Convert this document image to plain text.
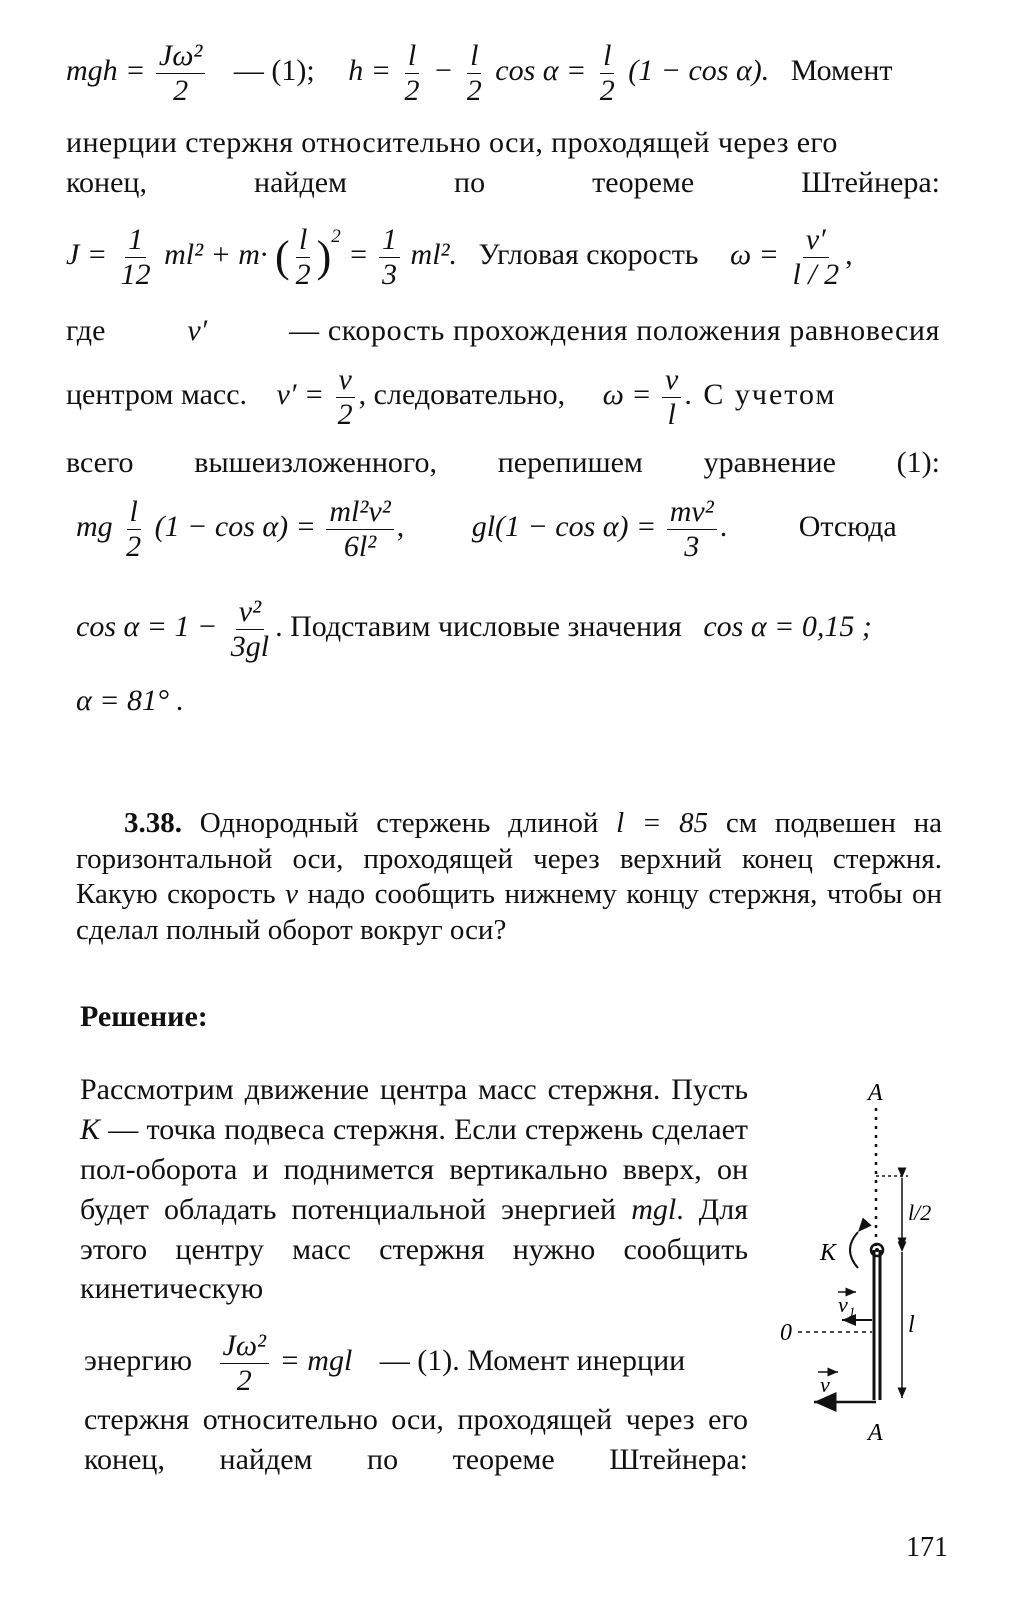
mgh = $\frac{\text{Jω²}}{2}$ — (1); $h = \frac{l}{2} - \frac{l}{2}$ $\cos \alpha = \frac{l}{2} (1 - \cos \alpha)$. Момент
инерции стержня относительно оси, проходящей через его
конец,	найдем	по	теореме	Штейнера:
$J = \frac{1}{12} ml^2 + m\cdot$ ( $\frac{l}{2} )^2 = \frac{1}{3} ml^2$. Угловая скорость $\omega = \frac{v'}{l / 2}$ ,
где	v′	— скорость прохождения положения равновесия
центром масс. $v' = \frac{v}{2}$ , следовательно, $\omega = \frac{v}{l}$ . С учетом
всего вышеизложенного, перепишем уравнение (1):
mg $\frac{l}{2} (1 - \cos \alpha) = \frac{\text{ml²v²}}{\text{6l²}}$ , $gl(1 - \cos \alpha) = \frac{\text{mv²}}{3}$ . Отсюда
$\cos \alpha = 1 - \frac{\text{v²}}{3gl}$ . Подставим числовые значения cos α = 0,15 ;
α = 81° .
3.38. Однородный стержень длиной l = 85 см подвешен на горизонтальной оси, проходящей через верхний конец стержня. Какую скорость v надо сообщить нижнему концу стержня, чтобы он сделал полный оборот вокруг оси?
Решение:
Рассмотрим движение центра масс стержня. Пусть K — точка подвеса стержня. Если стержень сделает пол-оборота и поднимется вертикально вверх, он будет обладать потенциальной энергией mgl. Для этого центру масс стержня нужно сообщить кинетическую
энергию $\frac{\text{Jω²}}{2}$ = mgl — (1). Момент инерции
стержня относительно оси, проходящей через его конец, найдем по теореме Штейнера:
A
l/2
K
l
0
v₁
v
A
171
